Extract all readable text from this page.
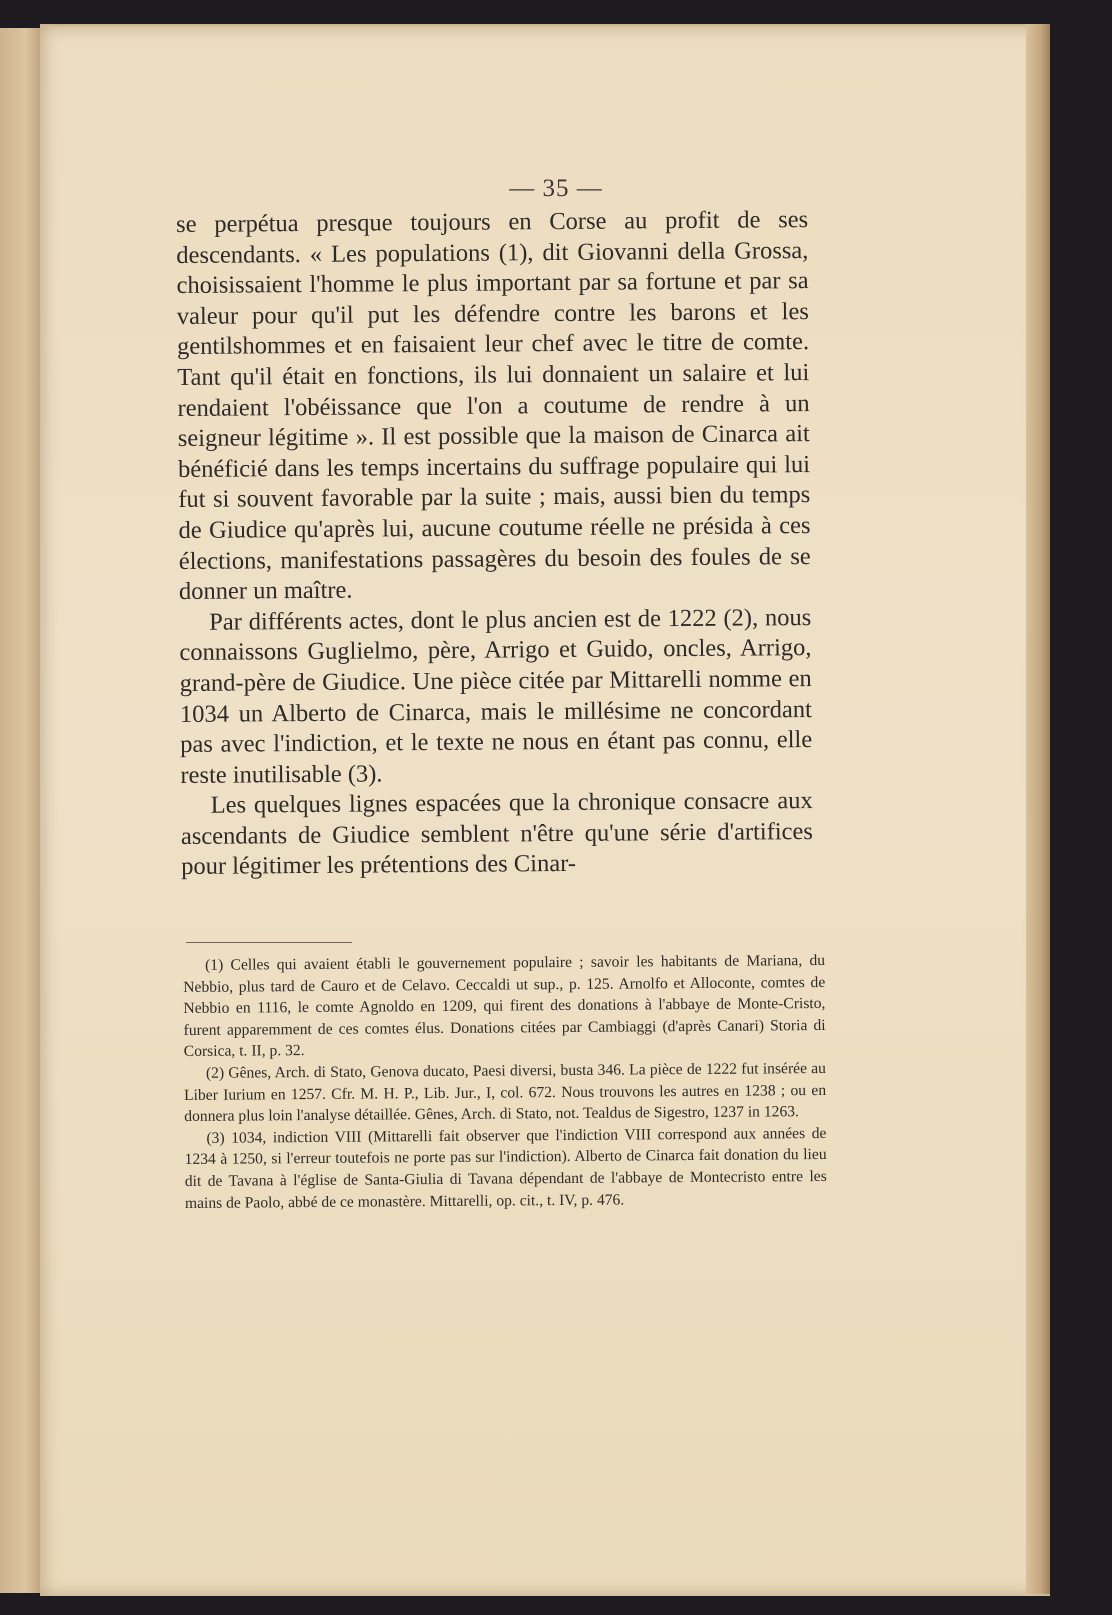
— 35 —

se perpétua presque toujours en Corse au profit de ses descendants. « Les populations (1), dit Giovanni della Grossa, choisissaient l'homme le plus important par sa fortune et par sa valeur pour qu'il put les défendre contre les barons et les gentilshommes et en faisaient leur chef avec le titre de comte. Tant qu'il était en fonctions, ils lui donnaient un salaire et lui rendaient l'obéissance que l'on a coutume de rendre à un seigneur légitime ». Il est possible que la maison de Cinarca ait bénéficié dans les temps incertains du suffrage populaire qui lui fut si souvent favorable par la suite ; mais, aussi bien du temps de Giudice qu'après lui, aucune coutume réelle ne présida à ces élections, manifestations passagères du besoin des foules de se donner un maître.

Par différents actes, dont le plus ancien est de 1222 (2), nous connaissons Guglielmo, père, Arrigo et Guido, oncles, Arrigo, grand-père de Giudice. Une pièce citée par Mittarelli nomme en 1034 un Alberto de Cinarca, mais le millésime ne concordant pas avec l'indiction, et le texte ne nous en étant pas connu, elle reste inutilisable (3).

Les quelques lignes espacées que la chronique consacre aux ascendants de Giudice semblent n'être qu'une série d'artifices pour légitimer les prétentions des Cinar-

(1) Celles qui avaient établi le gouvernement populaire ; savoir les habitants de Mariana, du Nebbio, plus tard de Cauro et de Celavo. Ceccaldi ut sup., p. 125. Arnolfo et Alloconte, comtes de Nebbio en 1116, le comte Agnoldo en 1209, qui firent des donations à l'abbaye de Monte-Cristo, furent apparemment de ces comtes élus. Donations citées par Cambiaggi (d'après Canari) Storia di Corsica, t. II, p. 32.

(2) Gênes, Arch. di Stato, Genova ducato, Paesi diversi, busta 346. La pièce de 1222 fut insérée au Liber Iurium en 1257. Cfr. M. H. P., Lib. Jur., I, col. 672. Nous trouvons les autres en 1238 ; ou en donnera plus loin l'analyse détaillée. Gênes, Arch. di Stato, not. Tealdus de Sigestro, 1237 in 1263.

(3) 1034, indiction VIII (Mittarelli fait observer que l'indiction VIII correspond aux années de 1234 à 1250, si l'erreur toutefois ne porte pas sur l'indiction). Alberto de Cinarca fait donation du lieu dit de Tavana à l'église de Santa-Giulia di Tavana dépendant de l'abbaye de Montecristo entre les mains de Paolo, abbé de ce monastère. Mittarelli, op. cit., t. IV, p. 476.
